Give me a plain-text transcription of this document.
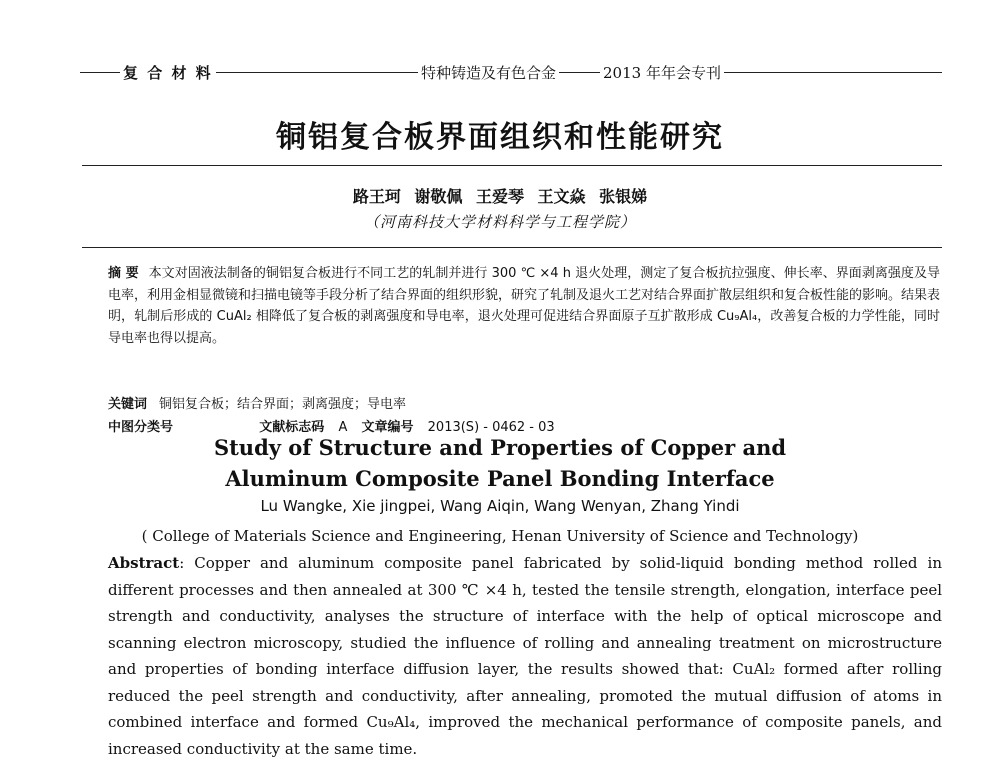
复 合 材 料	特种铸造及有色合金	2013 年年会专刊
铜铝复合板界面组织和性能研究
路王珂 谢敬佩 王爱琴 王文焱 张银娣
（河南科技大学材料科学与工程学院）
摘 要 本文对固液法制备的铜铝复合板进行不同工艺的轧制并进行 300 ℃ ×4 h 退火处理，测定了复合板抗拉强度、伸长率、界面剥离强度及导电率，利用金相显微镜和扫描电镜等手段分析了结合界面的组织形貌，研究了轧制及退火工艺对结合界面扩散层组织和复合板性能的影响。结果表明，轧制后形成的 CuAl₂ 相降低了复合板的剥离强度和导电率，退火处理可促进结合界面原子互扩散形成 Cu₉Al₄，改善复合板的力学性能，同时导电率也得以提高。
关键词 铜铝复合板；结合界面；剥离强度；导电率
中图分类号	文献标志码 A 文章编号 2013(S) - 0462 - 03
Study of Structure and Properties of Copper and
Aluminum Composite Panel Bonding Interface
Lu Wangke, Xie jingpei, Wang Aiqin, Wang Wenyan, Zhang Yindi
( College of Materials Science and Engineering, Henan University of Science and Technology)
Abstract: Copper and aluminum composite panel fabricated by solid-liquid bonding method rolled in different processes and then annealed at 300 ℃ ×4 h, tested the tensile strength, elongation, interface peel strength and conductivity, analyses the structure of interface with the help of optical microscope and scanning electron microscopy, studied the influence of rolling and annealing treatment on microstructure and properties of bonding interface diffusion layer, the results showed that: CuAl₂ formed after rolling reduced the peel strength and conductivity, after annealing, promoted the mutual diffusion of atoms in combined interface and formed Cu₉Al₄, improved the mechanical performance of composite panels, and increased conductivity at the same time.
